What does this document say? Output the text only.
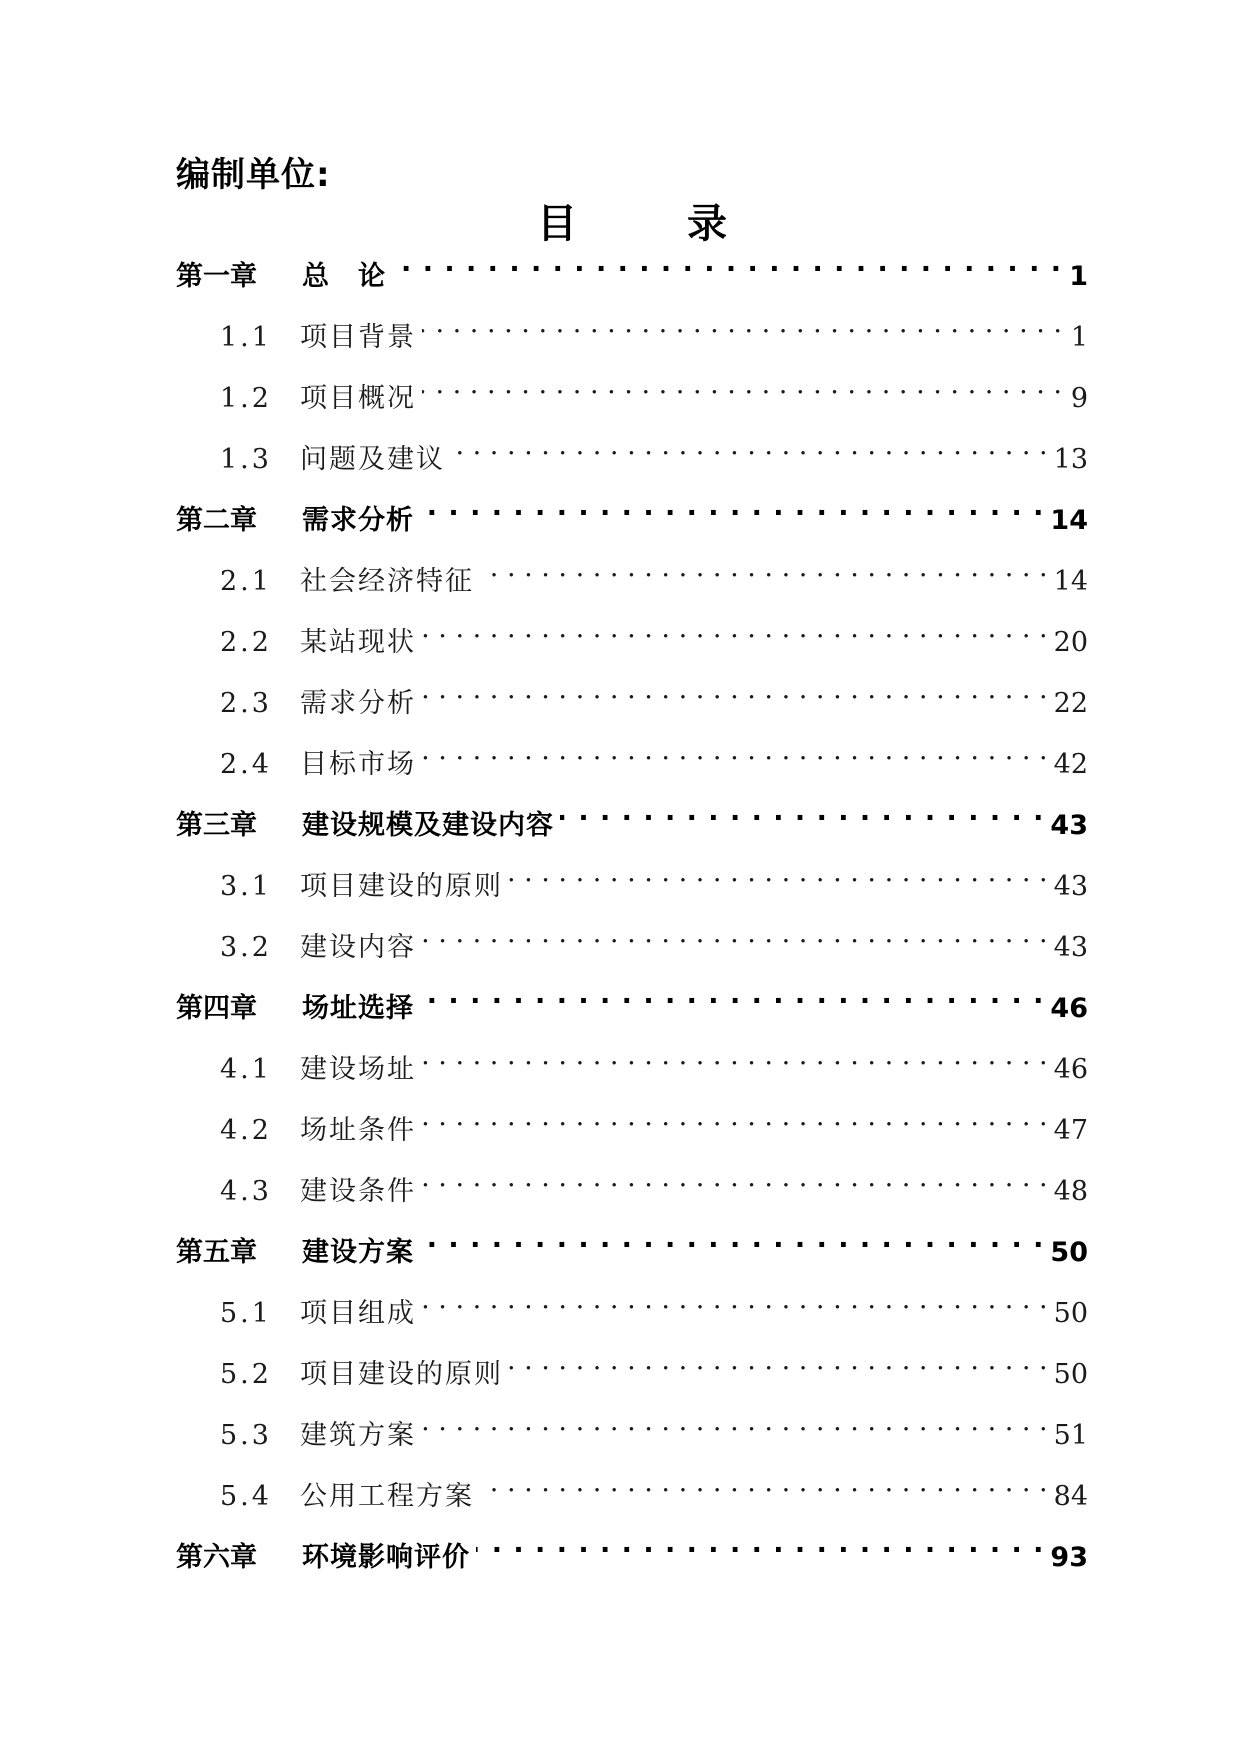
编制单位:
目	录
第一章	总　论 . . .	1
1.1	项目背景 . . .	1
1.2	项目概况 . . .	9
1.3	问题及建议 . . .	13
第二章	需求分析 . . .	14
2.1	社会经济特征 . . .	14
2.2	某站现状 . . .	20
2.3	需求分析 . . .	22
2.4	目标市场 . . .	42
第三章	建设规模及建设内容 . . .	43
3.1	项目建设的原则 . . .	43
3.2	建设内容 . . .	43
第四章	场址选择 . . .	46
4.1	建设场址 . . .	46
4.2	场址条件 . . .	47
4.3	建设条件 . . .	48
第五章	建设方案 . . .	50
5.1	项目组成 . . .	50
5.2	项目建设的原则 . . .	50
5.3	建筑方案 . . .	51
5.4	公用工程方案 . . .	84
第六章	环境影响评价 . . .	93
